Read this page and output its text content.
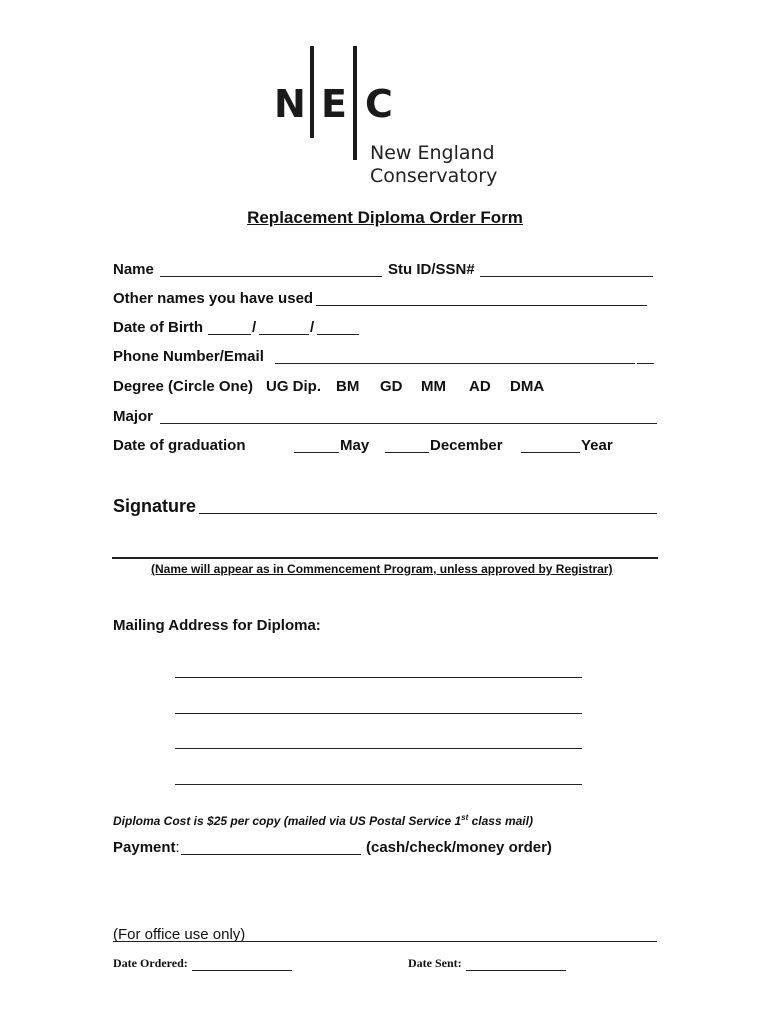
N E C
New England
Conservatory
Replacement Diploma Order Form
Name	Stu ID/SSN#
Other names you have used
Date of Birth	/	/
Phone Number/Email	__
Degree (Circle One) UG Dip. BM GD MM AD DMA
Major
Date of graduation	May	December	Year
Signature
(Name will appear as in Commencement Program, unless approved by Registrar)
Mailing Address for Diploma:
Diploma Cost is $25 per copy (mailed via US Postal Service 1st class mail)
Payment:	(cash/check/money order)
(For office use only)
Date Ordered:	Date Sent:
